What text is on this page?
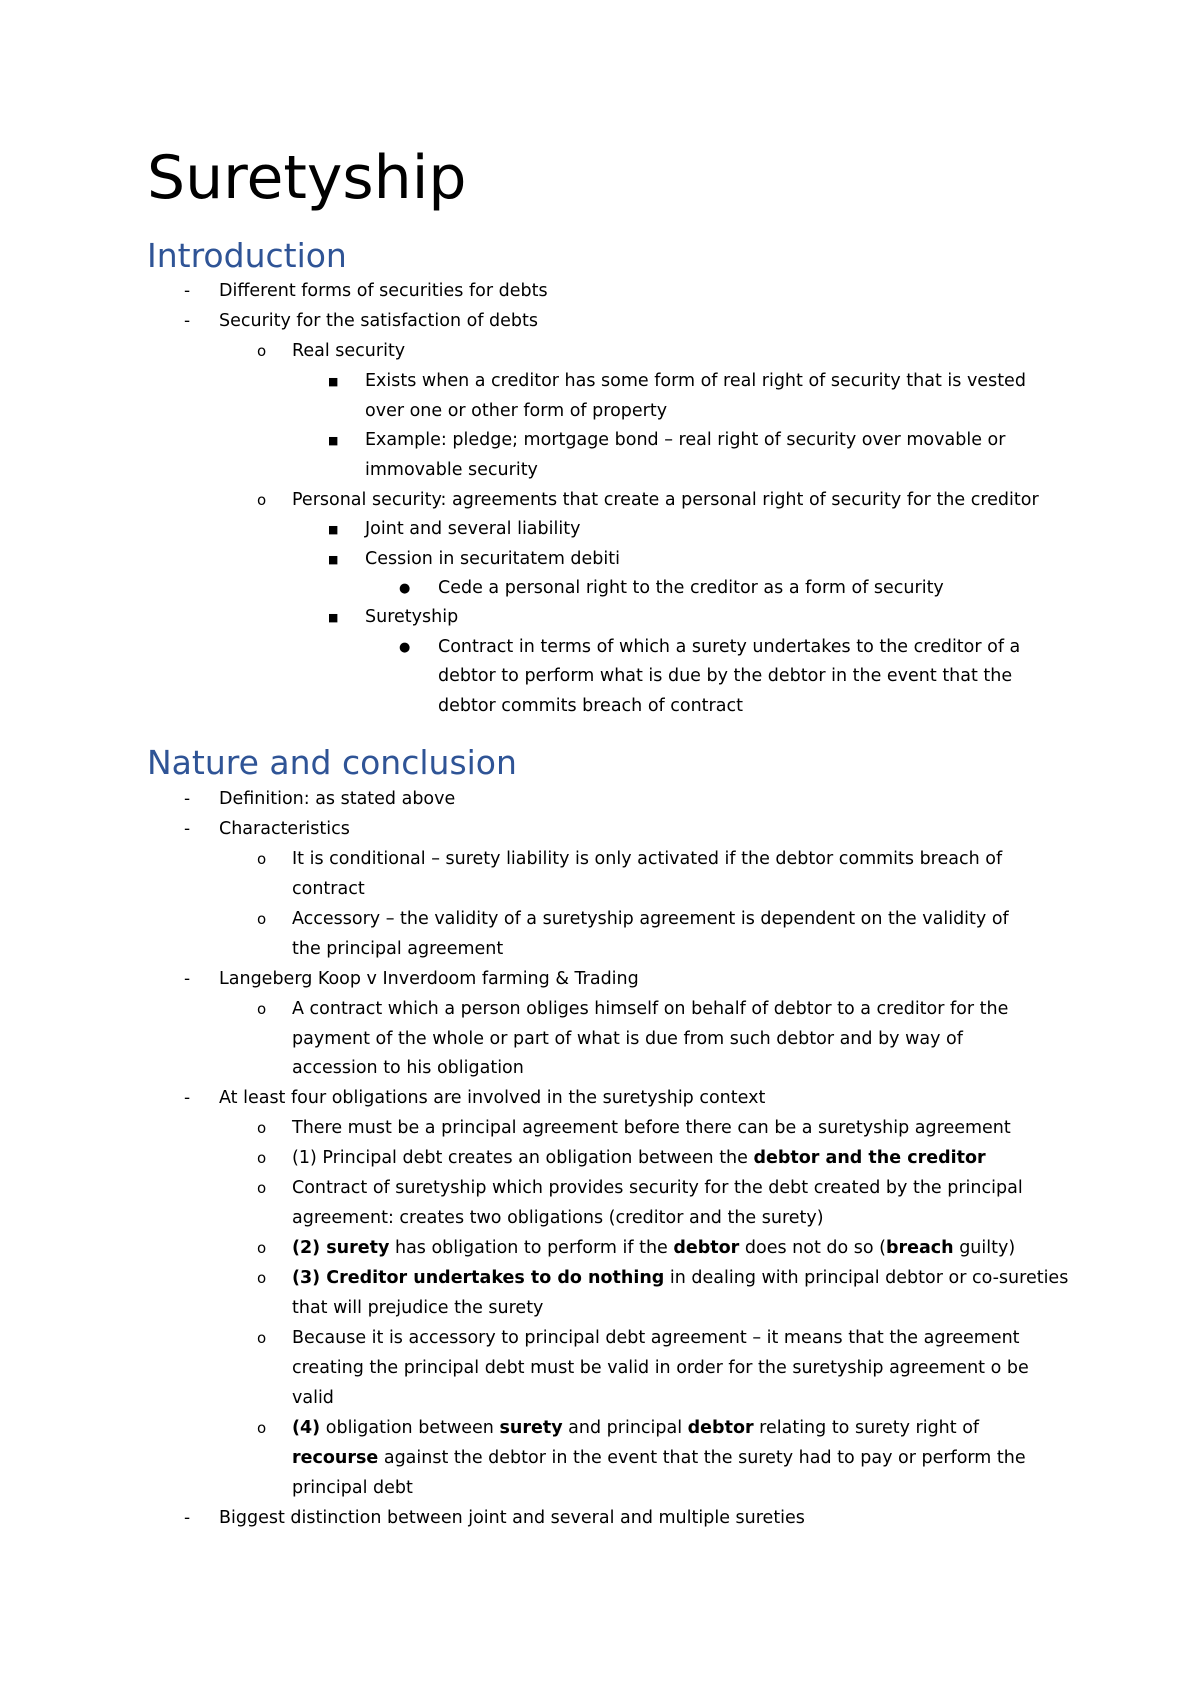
Suretyship
Introduction
- Different forms of securities for debts

- Security for the satisfaction of debts

o Real security

■ Exists when a creditor has some form of real right of security that is vested

over one or other form of property

■ Example: pledge; mortgage bond – real right of security over movable or

immovable security

o Personal security: agreements that create a personal right of security for the creditor

■ Joint and several liability

■ Cession in securitatem debiti

● Cede a personal right to the creditor as a form of security

■ Suretyship

● Contract in terms of which a surety undertakes to the creditor of a

debtor to perform what is due by the debtor in the event that the

debtor commits breach of contract

Nature and conclusion
- Definition: as stated above

- Characteristics

o It is conditional – surety liability is only activated if the debtor commits breach of

contract

o Accessory – the validity of a suretyship agreement is dependent on the validity of

the principal agreement

- Langeberg Koop v Inverdoom farming & Trading

o A contract which a person obliges himself on behalf of debtor to a creditor for the

payment of the whole or part of what is due from such debtor and by way of

accession to his obligation

- At least four obligations are involved in the suretyship context

o There must be a principal agreement before there can be a suretyship agreement

o (1) Principal debt creates an obligation between the debtor and the creditor

o Contract of suretyship which provides security for the debt created by the principal

agreement: creates two obligations (creditor and the surety)

o (2) surety has obligation to perform if the debtor does not do so (breach guilty)

o (3) Creditor undertakes to do nothing in dealing with principal debtor or co-sureties

that will prejudice the surety

o Because it is accessory to principal debt agreement – it means that the agreement

creating the principal debt must be valid in order for the suretyship agreement o be

valid

o (4) obligation between surety and principal debtor relating to surety right of

recourse against the debtor in the event that the surety had to pay or perform the

principal debt

- Biggest distinction between joint and several and multiple sureties
